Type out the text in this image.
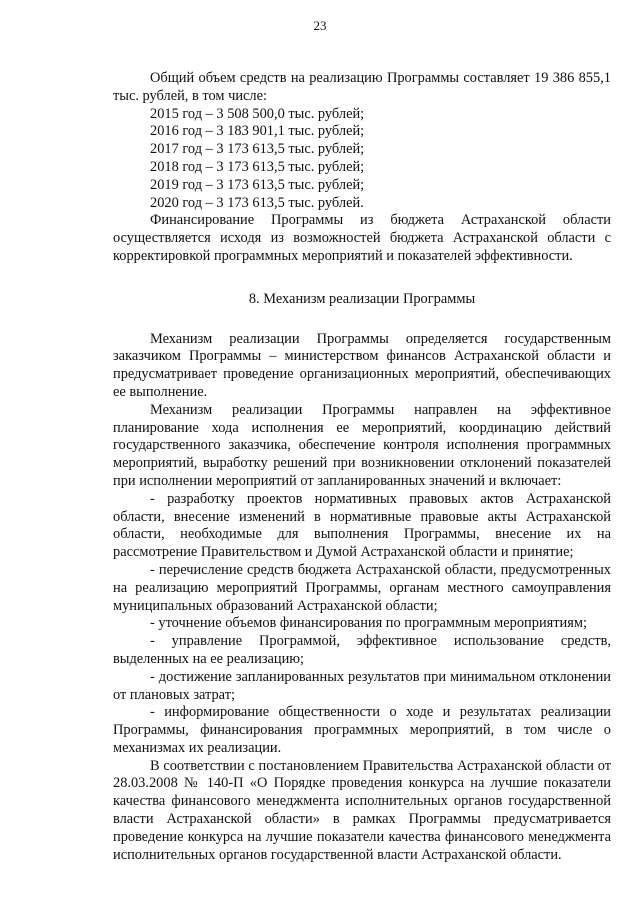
23

Общий объем средств на реализацию Программы составляет 19 386 855,1 тыс. рублей, в том числе:

2015 год – 3 508 500,0 тыс. рублей;

2016 год – 3 183 901,1 тыс. рублей;

2017 год – 3 173 613,5 тыс. рублей;

2018 год – 3 173 613,5 тыс. рублей;

2019 год – 3 173 613,5 тыс. рублей;

2020 год – 3 173 613,5 тыс. рублей.

Финансирование Программы из бюджета Астраханской области осуществляется исходя из возможностей бюджета Астраханской области с корректировкой программных мероприятий и показателей эффективности.

8. Механизм реализации Программы

Механизм реализации Программы определяется государственным заказчиком Программы – министерством финансов Астраханской области и предусматривает проведение организационных мероприятий, обеспечивающих ее выполнение.

Механизм реализации Программы направлен на эффективное планирование хода исполнения ее мероприятий, координацию действий государственного заказчика, обеспечение контроля исполнения программных мероприятий, выработку решений при возникновении отклонений показателей при исполнении мероприятий от запланированных значений и включает:

- разработку проектов нормативных правовых актов Астраханской области, внесение изменений в нормативные правовые акты Астраханской области, необходимые для выполнения Программы, внесение их на рассмотрение Правительством и Думой Астраханской области и принятие;

- перечисление средств бюджета Астраханской области, предусмотренных на реализацию мероприятий Программы, органам местного самоуправления муниципальных образований Астраханской области;

- уточнение объемов финансирования по программным мероприятиям;

- управление Программой, эффективное использование средств, выделенных на ее реализацию;

- достижение запланированных результатов при минимальном отклонении от плановых затрат;

- информирование общественности о ходе и результатах реализации Программы, финансирования программных мероприятий, в том числе о механизмах их реализации.

В соответствии с постановлением Правительства Астраханской области от 28.03.2008 № 140-П «О Порядке проведения конкурса на лучшие показатели качества финансового менеджмента исполнительных органов государственной власти Астраханской области» в рамках Программы предусматривается проведение конкурса на лучшие показатели качества финансового менеджмента исполнительных органов государственной власти Астраханской области.
